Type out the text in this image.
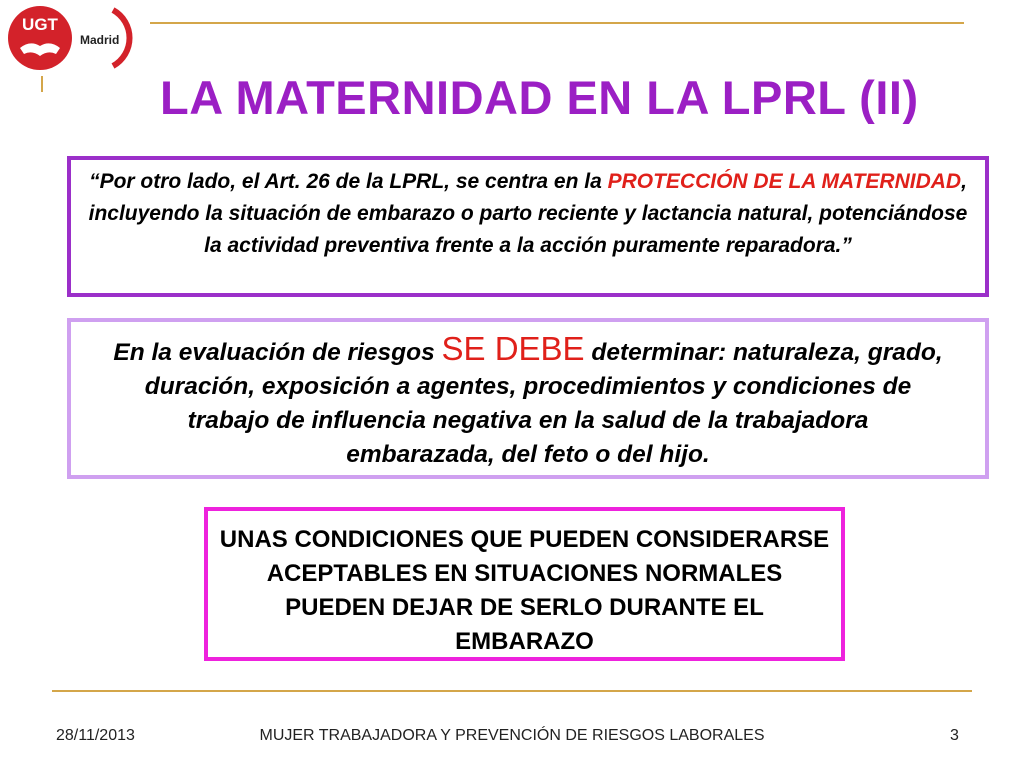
UGT
Madrid
LA MATERNIDAD EN LA LPRL (II)
“Por otro lado, el Art. 26 de la LPRL, se centra en la PROTECCIÓN DE LA MATERNIDAD, incluyendo la situación de embarazo o parto reciente y lactancia natural, potenciándose la actividad preventiva frente a la acción puramente reparadora.”
En la evaluación de riesgos SE DEBE determinar: naturaleza, grado, duración, exposición a agentes, procedimientos y condiciones de trabajo de influencia negativa en la salud de la trabajadora embarazada, del feto o del hijo.
UNAS CONDICIONES QUE PUEDEN CONSIDERARSE ACEPTABLES EN SITUACIONES NORMALES PUEDEN DEJAR DE SERLO DURANTE EL EMBARAZO
28/11/2013	MUJER TRABAJADORA Y PREVENCIÓN DE RIESGOS LABORALES	3
